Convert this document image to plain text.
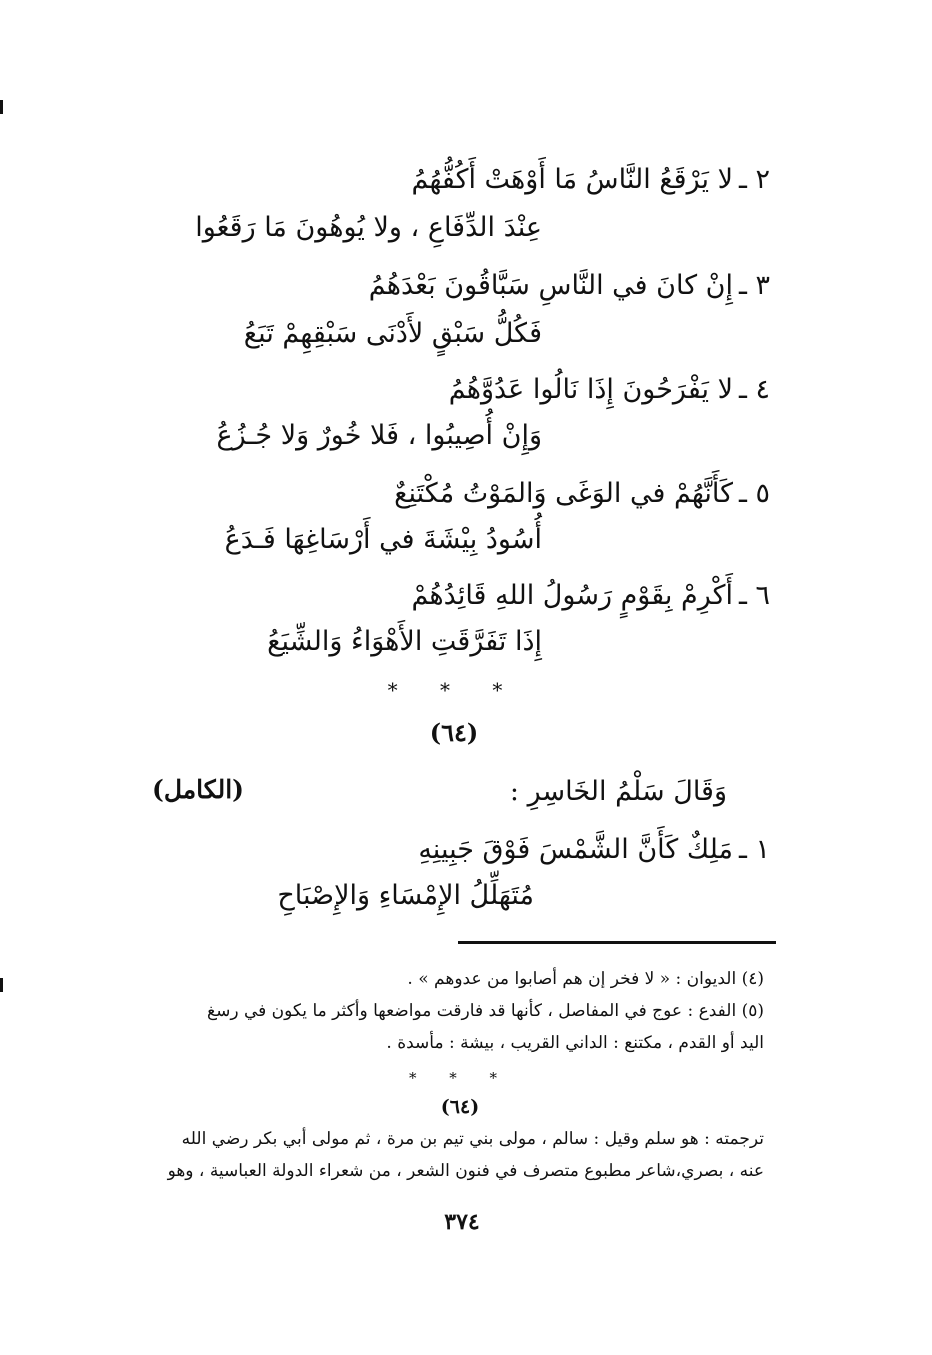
٢ ـلا يَرْقَعُ النَّاسُ مَا أَوْهَتْ أَكُفُّهُمُ
عِنْدَ الدِّفَاعِ ، ولا يُوهُونَ مَا رَقَعُوا
٣ ـإِنْ كانَ في النَّاسِ سَبَّاقُونَ بَعْدَهُمُ
فَكُلُّ سَبْقٍ لأَدْنَى سَبْقِهِمْ تَبَعُ
٤ ـلا يَفْرَحُونَ إِذَا نَالُوا عَدُوَّهُمُ
وَإِنْ أُصِيبُوا ، فَلا خُورٌ وَلا جُـزُعُ
٥ ـكَأَنَّهُمْ في الوَغَى وَالمَوْتُ مُكْتَنِعٌ
أُسُودُ بِيْشَةَ في أَرْسَاغِهَا فَـدَعُ
٦ ـأَكْرِمْ بِقَوْمٍ رَسُولُ اللهِ قَائِدُهُمْ
إِذَا تَفَرَّقَتِ الأَهْوَاءُ وَالشِّيَعُ
* * *
(٦٤)
وَقَالَ سَلْمُ الخَاسِرِ :
(الكامل)
١ ـمَلِكٌ كَأَنَّ الشَّمْسَ فَوْقَ جَبِينِهِ
مُتَهَلِّلُ الإِمْسَاءِ وَالإِصْبَاحِ
(٤) الديوان : « لا فخر إن هم أصابوا من عدوهم » .
(٥) الفدع : عوج في المفاصل ، كأنها قد فارقت مواضعها وأكثر ما يكون في رسغ
اليد أو القدم ، مكتنع : الداني القريب ، بيشة : مأسدة .
* * *
(٦٤)
ترجمته : هو سلم وقيل : سالم ، مولى بني تيم بن مرة ، ثم مولى أبي بكر رضي الله
عنه ، بصري،شاعر مطبوع متصرف في فنون الشعر ، من شعراء الدولة العباسية ، وهو
٣٧٤
